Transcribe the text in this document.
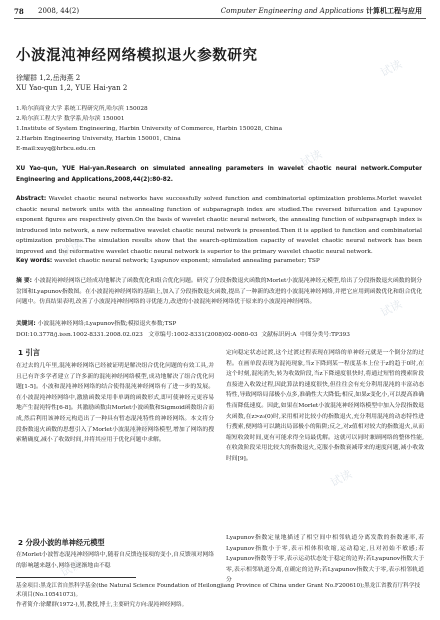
78 2008, 44(2)	Computer Engineering and Applications 计算机工程与应用
小波混沌神经网络模拟退火参数研究
徐耀群 1,2,岳海燕 2
XU Yao-qun 1,2, YUE Hai-yan 2
1.哈尔滨商业大学 系统工程研究所,哈尔滨 150028
2.哈尔滨工程大学 数学系,哈尔滨 150001
1.Institute of System Engineering, Harbin University of Commerce, Harbin 150028, China
2.Harbin Engineering University, Harbin 150001, China
E-mail:xuyq@hrbcu.edu.cn
XU Yao-qun, YUE Hai-yan.Research on simulated annealing parameters in wavelet chaotic neural network.Computer Engineering and Applications,2008,44(2):80-82.
Abstract: Wavelet chaotic neural networks have successfully solved function and combinatorial optimization problems.Morlet wavelet chaotic neural network units with the annealing function of subparagraph index are studied.The reversed bifurcation and Lyapunov exponent figures are respectively given.On the basis of wavelet chaotic neural network, the annealing function of subparagraph index is introduced into network, a new reformative wavelet chaotic neural network is presented.Then it is applied to function and combinatorial optimization problems.The simulation results show that the search-optimization capacity of wavelet chaotic neural network has been improved and the reformative wavelet chaotic neural network is superior to the primary wavelet chaotic neural network.
Key words: wavelet chaotic neural network; Lyapunov exponent; simulated annealing parameter; TSP
摘 要: 小波混沌神经网络已经成功地解决了函数优化和组合优化问题。研究了分段指数退火函数的Morlet小波混沌神经元模型,给出了分段指数退火函数的倒分岔图和Lyapunov指数图。在小波混沌神经网络的基础上,加入了分段指数退火函数,提出了一种新的改进的小波混沌神经网络,并把它应用到函数优化和组合优化问题中。仿真结果表明,改善了小波混沌神经网络的寻优能力,改进的小波混沌神经网络优于原来的小波混沌神经网络。
关键词: 小波混沌神经网络;Lyapunov指数;模拟退火参数;TSP
DOI:10.3778/j.issn.1002-8331.2008.02.023 文章编号:1002-8331(2008)02-0080-03 文献标识码:A 中图分类号:TP393
1 引言
在过去的几年里,混沌神经网络已经被证明是解决组合优化问题的有效工具,并且已有许多学者建立了许多新的混沌神经网络模型,成功地解决了组合优化问题[1-5]。小波和混沌神经网络的结合使得混沌神经网络有了进一步的发展。在小波混沌神经网络中,激励函数采用非单调的函数形式,即可使神经元更容易地产生混沌特性[6-8]。其激励函数由Morlet小波函数和Sigmoid函数组合而成,然后利用该神经元构造出了一种具有暂态混沌特性的神经网络。本文将分段指数退火函数的思想引入了Morlet小波混沌神经网络模型,增加了网络的搜索精确度,减小了收敛时间,并将其应用于优化问题中求解。
2 分段小波的单神经元模型
在Morlet小波暂态混沌神经网络中,随着自反馈连接项的变小,自反馈项对网络的影响越来越小,网络也逐渐地由不稳
定向稳定状态过渡,这个过渡过程表现在网络的单神经元就是一个倒分岔的过程。在画单段表现为混沌现象,当z下降到某一程度基本上位于z的趋于0时,在这个时刻,混沌消失,转为收敛阶段,当z下降速度很快时,将通过短暂的搜索阶段直接进入收敛过程,因此算法的速度很快,但往往会有充分利用混沌的丰富动态特性,导致网络局部极小点多,准确性大大降低;相反,如果z变化小,可以提高准确性而降低速度。因此,如果在Morlet小波混沌神经网络模型中加入分段指数退火函数,在z>z₀(0)时,采用相对比较小的指数退火,充分利用混沌的动态特性进行搜索,便网络可以跳出局部极小的陷阱;反之,对z值相对较大的指数退火,从而缩短收敛时间,更有可能求得全局最优解。这就可以同时兼顾网络的整体性能,在收敛阶段采用比较大的指数退火,克服小指数衰减带来的速度问题,减小收敛时间[9]。
Lyapunov指数定量地描述了相空间中相邻轨道分离发散的指数速率,若Lyapunov指数小于零,表示相体积收缩,运动稳定,且对初始不敏感;若Lyapunov指数等于零,表示运动状态处于稳定的边界;若Lyapunov指数大于零,表示相邻轨道分离,在确定的边界;若Lyapunov指数大于零,表示相邻轨道分
基金项目:黑龙江省自然科学基金(the Natural Science Foundation of Heilongjiang Province of China under Grant No.F200610);黑龙江省教育厅科学技术项目(No.10541073)。
作者简介:徐耀群(1972-),男,教授,博士,主要研究方向:混沌神经网络。
试读
试读
试读
试读
试读
试读
试读
